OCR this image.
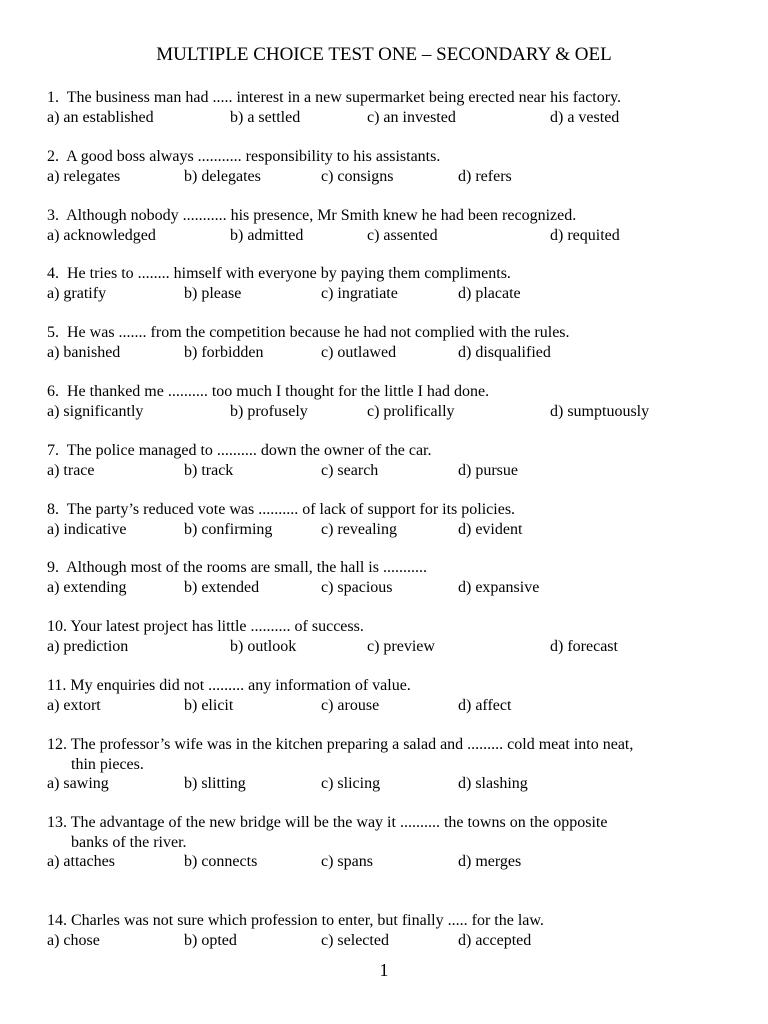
MULTIPLE CHOICE TEST ONE – SECONDARY & OEL
1. The business man had ..... interest in a new supermarket being erected near his factory.
a) an established	b) a settled	c) an invested	d) a vested
2. A good boss always ........... responsibility to his assistants.
a) relegates	b) delegates	c) consigns	d) refers
3. Although nobody ........... his presence, Mr Smith knew he had been recognized.
a) acknowledged	b) admitted	c) assented	d) requited
4. He tries to ........ himself with everyone by paying them compliments.
a) gratify	b) please	c) ingratiate	d) placate
5. He was ....... from the competition because he had not complied with the rules.
a) banished	b) forbidden	c) outlawed	d) disqualified
6. He thanked me .......... too much I thought for the little I had done.
a) significantly	b) profusely	c) prolifically	d) sumptuously
7. The police managed to .......... down the owner of the car.
a) trace	b) track	c) search	d) pursue
8. The party’s reduced vote was .......... of lack of support for its policies.
a) indicative	b) confirming	c) revealing	d) evident
9. Although most of the rooms are small, the hall is ...........
a) extending	b) extended	c) spacious	d) expansive
10. Your latest project has little .......... of success.
a) prediction	b) outlook	c) preview	d) forecast
11. My enquiries did not ......... any information of value.
a) extort	b) elicit	c) arouse	d) affect
12. The professor’s wife was in the kitchen preparing a salad and ......... cold meat into neat,
thin pieces.
a) sawing	b) slitting	c) slicing	d) slashing
13. The advantage of the new bridge will be the way it .......... the towns on the opposite
banks of the river.
a) attaches	b) connects	c) spans	d) merges
14. Charles was not sure which profession to enter, but finally ..... for the law.
a) chose	b) opted	c) selected	d) accepted
1
